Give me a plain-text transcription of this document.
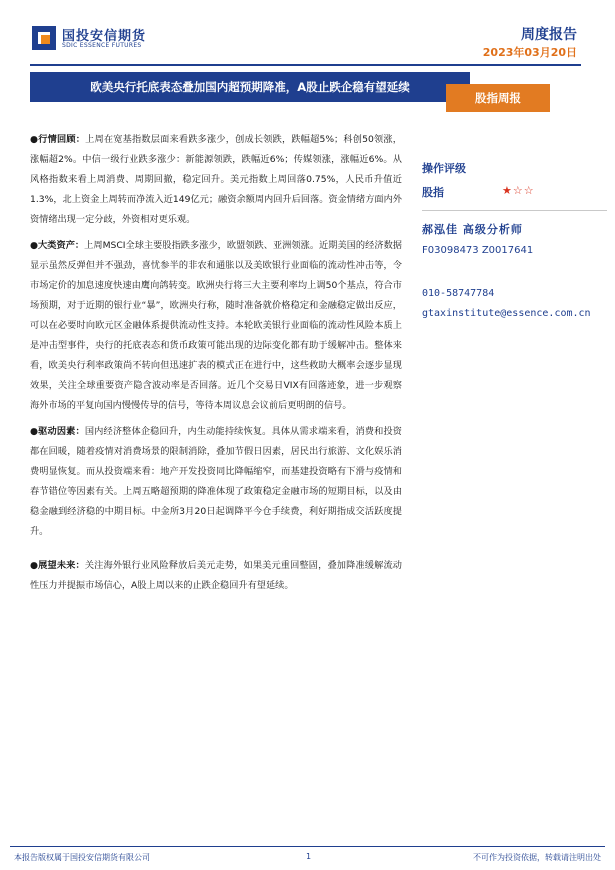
国投安信期货
SDIC ESSENCE FUTURES
周度报告
2023年03月20日
欧美央行托底表态叠加国内超预期降准，A股止跌企稳有望延续
股指周报

●行情回顾：上周在宽基指数层面来看跌多涨少，创成长领跌，跌幅超5%；科创50领涨，涨幅超2%。中信一级行业跌多涨少：新能源领跌，跌幅近6%；传媒领涨，涨幅近6%。从风格指数来看上周消费、周期回撤，稳定回升。美元指数上周回落0.75%，人民币升值近1.3%，北上资金上周转而净流入近149亿元；融资余额周内回升后回落。资金情绪方面内外资情绪出现一定分歧，外资相对更乐观。

●大类资产：上周MSCI全球主要股指跌多涨少，欧盟领跌、亚洲领涨。近期美国的经济数据显示虽然反弹但并不强劲，喜忧参半的非农和通胀以及美欧银行业面临的流动性冲击等，令市场定价的加息速度快速由鹰向鸽转变。欧洲央行将三大主要利率均上调50个基点，符合市场预期，对于近期的银行业“暴”，欧洲央行称，随时准备就价格稳定和金融稳定做出反应，可以在必要时向欧元区金融体系提供流动性支持。本轮欧美银行业面临的流动性风险本质上是冲击型事件，央行的托底表态和货币政策可能出现的边际变化都有助于缓解冲击。整体来看，欧美央行利率政策尚不转向但迅速扩表的模式正在进行中，这些救助大概率会逐步显现效果，关注全球重要资产隐含波动率是否回落。近几个交易日VIX有回落迹象，进一步观察海外市场的平复向国内慢慢传导的信号，等待本周议息会议前后更明朗的信号。

●驱动因素：国内经济整体企稳回升，内生动能持续恢复。具体从需求端来看，消费和投资都在回暖，随着疫情对消费场景的限制消除，叠加节假日因素，居民出行旅游、文化娱乐消费明显恢复。而从投资端来看：地产开发投资同比降幅缩窄，而基建投资略有下滑与疫情和春节错位等因素有关。上周五略超预期的降准体现了政策稳定金融市场的短期目标，以及由稳金融到经济稳的中期目标。中金所3月20日起调降平今仓手续费，利好期指成交活跃度提升。

●展望未来：关注海外银行业风险释放后美元走势，如果美元重回整固，叠加降准缓解流动性压力并提振市场信心，A股上周以来的止跌企稳回升有望延续。

操作评级
股指	★☆☆
郝泓佳 高级分析师
F03098473 Z0017641
010-58747784
gtaxinstitute@essence.com.cn
本报告版权属于国投安信期货有限公司	1	不可作为投资依据，转载请注明出处
